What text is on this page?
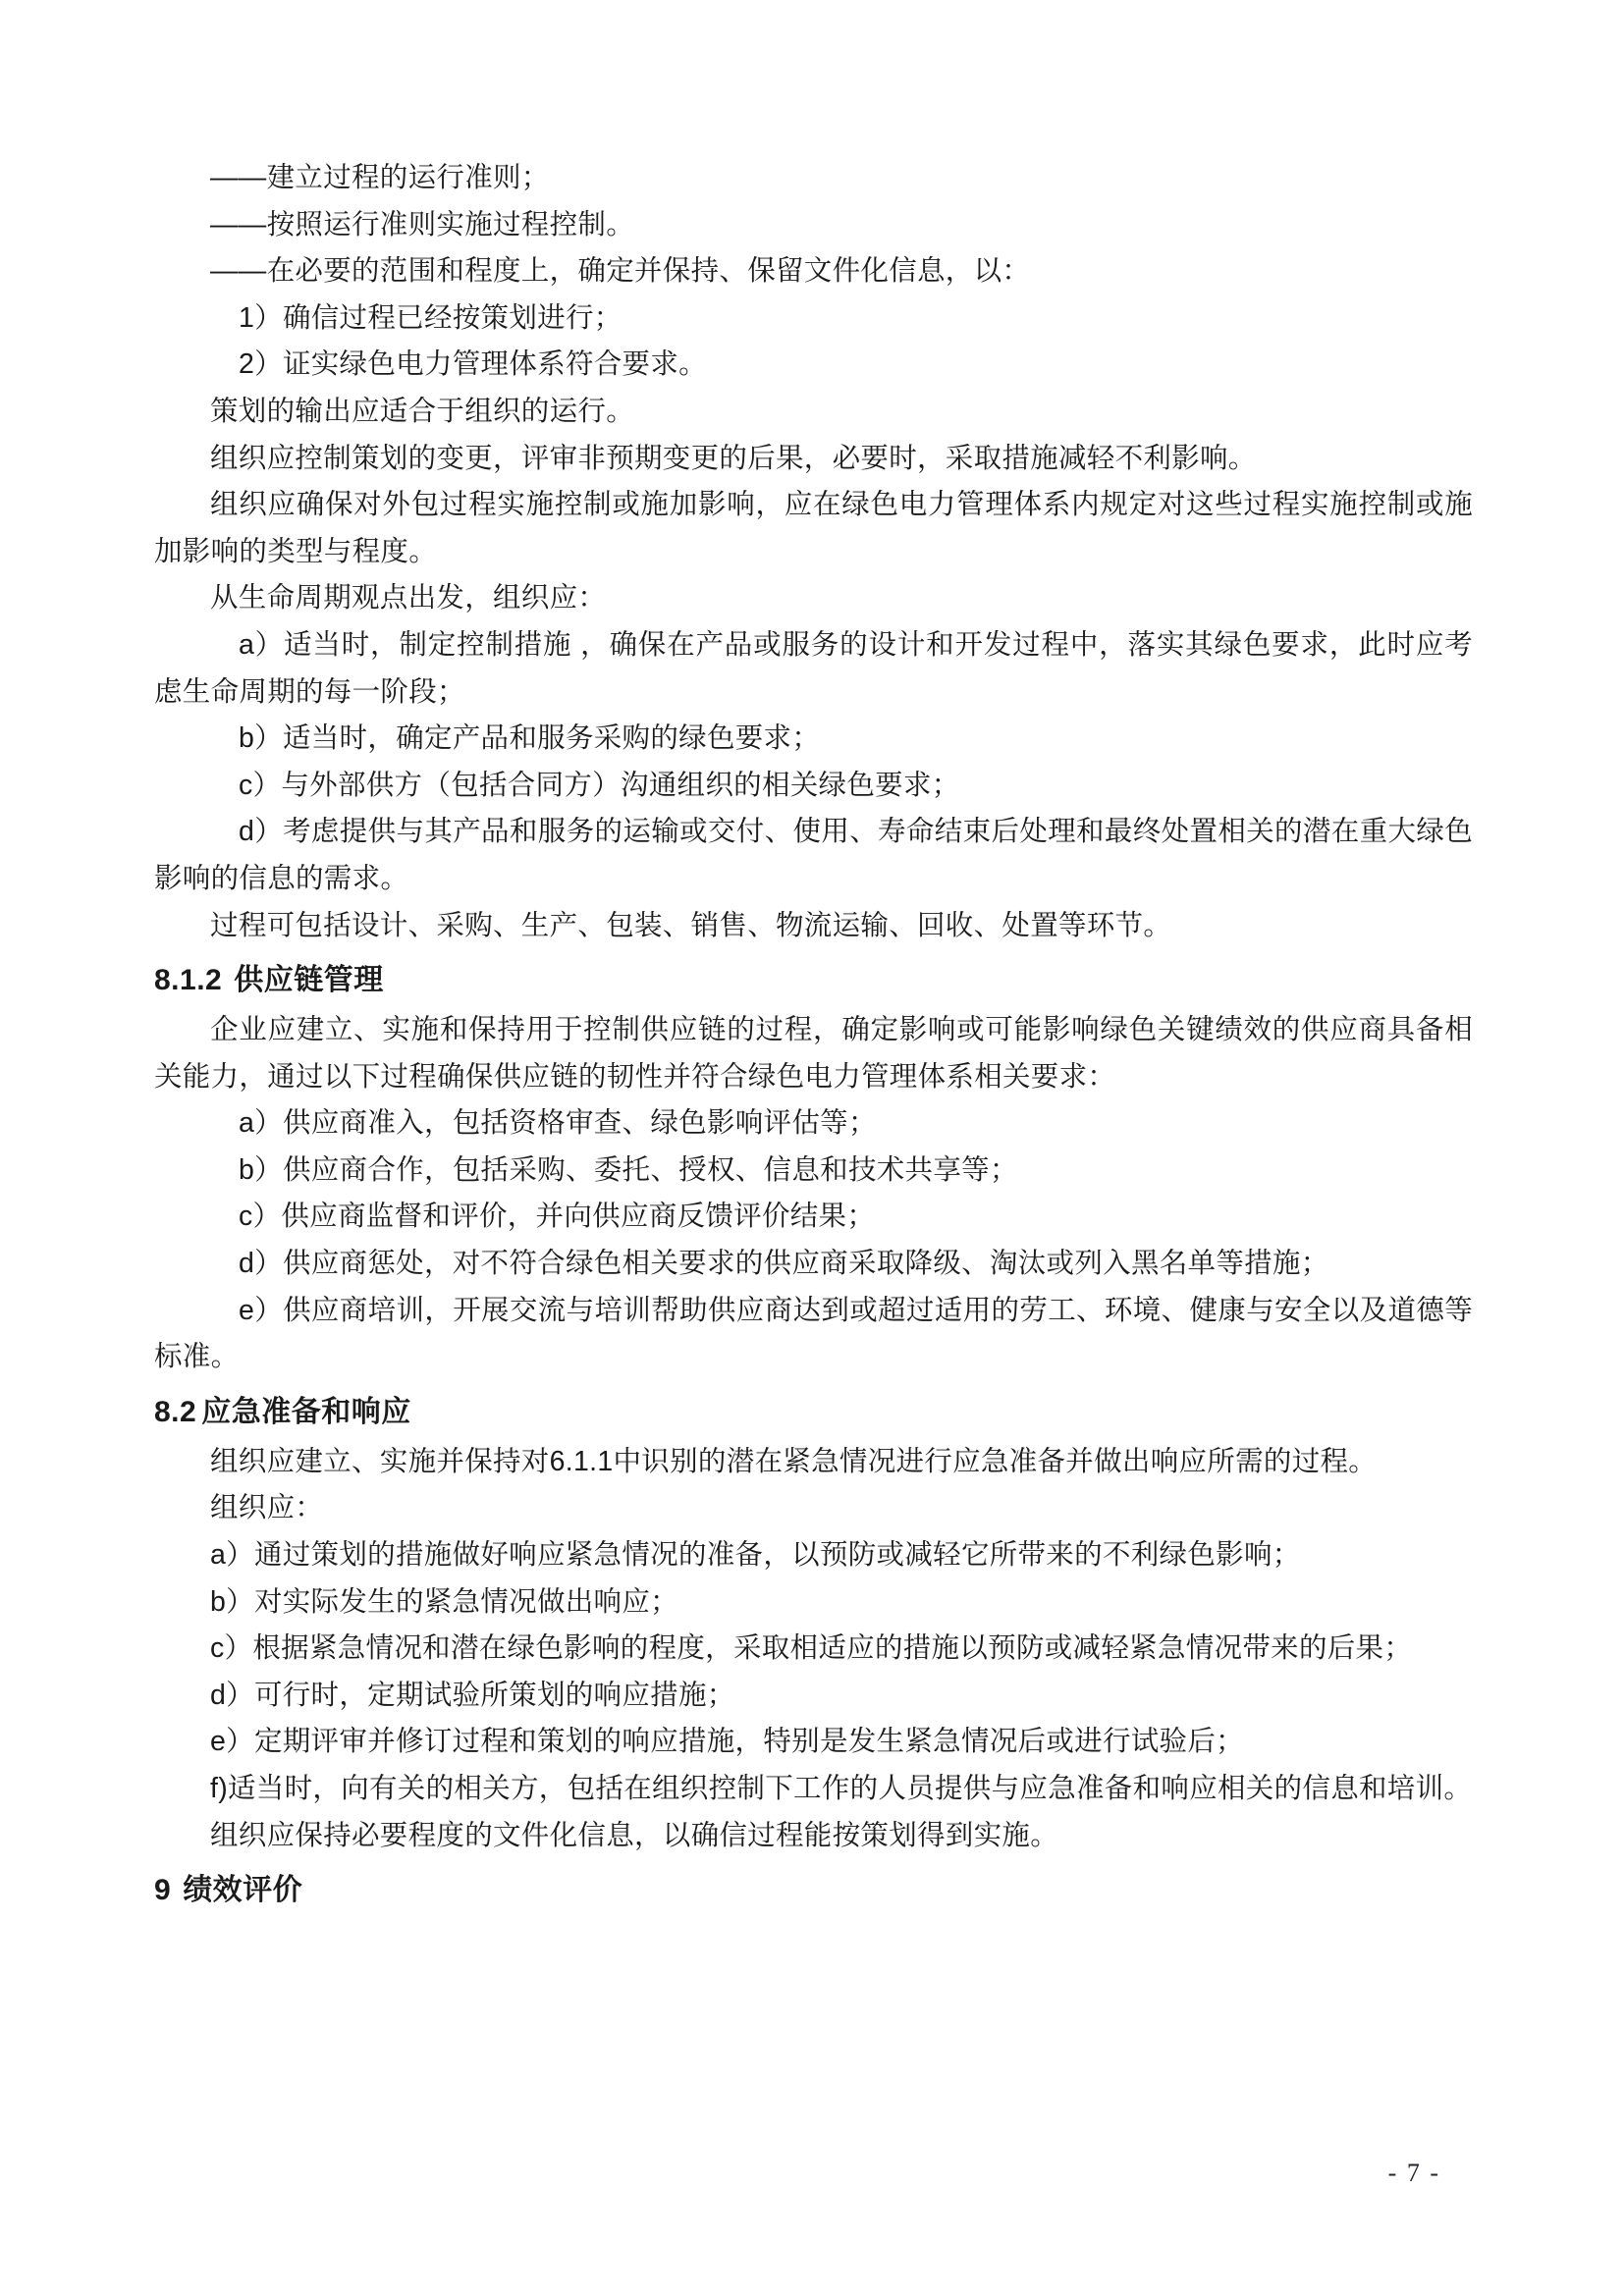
——建立过程的运行准则；

——按照运行准则实施过程控制。

——在必要的范围和程度上，确定并保持、保留文件化信息，以：

1）确信过程已经按策划进行；

2）证实绿色电力管理体系符合要求。

策划的输出应适合于组织的运行。

组织应控制策划的变更，评审非预期变更的后果，必要时，采取措施减轻不利影响。

组织应确保对外包过程实施控制或施加影响，应在绿色电力管理体系内规定对这些过程实施控制或施加影响的类型与程度。

从生命周期观点出发，组织应：

a）适当时，制定控制措施 ，确保在产品或服务的设计和开发过程中，落实其绿色要求，此时应考虑生命周期的每一阶段；

b）适当时，确定产品和服务采购的绿色要求；

c）与外部供方（包括合同方）沟通组织的相关绿色要求；

d）考虑提供与其产品和服务的运输或交付、使用、寿命结束后处理和最终处置相关的潜在重大绿色影响的信息的需求。

过程可包括设计、采购、生产、包装、销售、物流运输、回收、处置等环节。

8.1.2 供应链管理

企业应建立、实施和保持用于控制供应链的过程，确定影响或可能影响绿色关键绩效的供应商具备相关能力，通过以下过程确保供应链的韧性并符合绿色电力管理体系相关要求：

a）供应商准入，包括资格审查、绿色影响评估等；

b）供应商合作，包括采购、委托、授权、信息和技术共享等；

c）供应商监督和评价，并向供应商反馈评价结果；

d）供应商惩处，对不符合绿色相关要求的供应商采取降级、淘汰或列入黑名单等措施；

e）供应商培训，开展交流与培训帮助供应商达到或超过适用的劳工、环境、健康与安全以及道德等标准。

8.2 应急准备和响应

组织应建立、实施并保持对6.1.1中识别的潜在紧急情况进行应急准备并做出响应所需的过程。

组织应：

a）通过策划的措施做好响应紧急情况的准备，以预防或减轻它所带来的不利绿色影响；

b）对实际发生的紧急情况做出响应；

c）根据紧急情况和潜在绿色影响的程度，采取相适应的措施以预防或减轻紧急情况带来的后果；

d）可行时，定期试验所策划的响应措施；

e）定期评审并修订过程和策划的响应措施，特别是发生紧急情况后或进行试验后；

f)适当时，向有关的相关方，包括在组织控制下工作的人员提供与应急准备和响应相关的信息和培训。

组织应保持必要程度的文件化信息，以确信过程能按策划得到实施。

9 绩效评价
- 7 -
